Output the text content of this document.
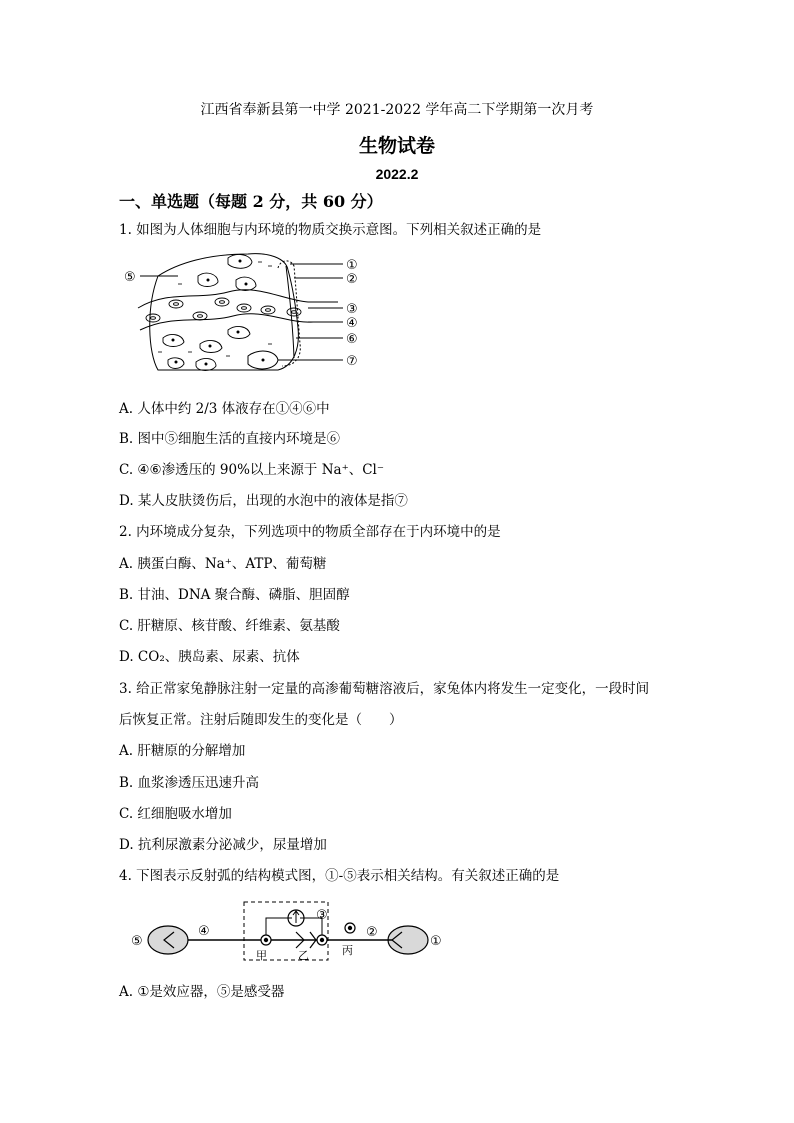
江西省奉新县第一中学 2021-2022 学年高二下学期第一次月考
生物试卷
2022.2
一、单选题（每题 2 分，共 60 分）
1. 如图为人体细胞与内环境的物质交换示意图。下列相关叙述正确的是
①
②
③
④
⑥
⑦
⑤
A. 人体中约 2/3 体液存在①④⑥中
B. 图中⑤细胞生活的直接内环境是⑥
C. ④⑥渗透压的 90%以上来源于 Na⁺、Cl⁻
D. 某人皮肤烫伤后，出现的水泡中的液体是指⑦
2. 内环境成分复杂，下列选项中的物质全部存在于内环境中的是
A. 胰蛋白酶、Na⁺、ATP、葡萄糖
B. 甘油、DNA 聚合酶、磷脂、胆固醇
C. 肝糖原、核苷酸、纤维素、氨基酸
D. CO₂、胰岛素、尿素、抗体
3. 给正常家兔静脉注射一定量的高渗葡萄糖溶液后，家兔体内将发生一定变化，一段时间
后恢复正常。注射后随即发生的变化是（　　）
A. 肝糖原的分解增加
B. 血浆渗透压迅速升高
C. 红细胞吸水增加
D. 抗利尿激素分泌减少，尿量增加
4. 下图表示反射弧的结构模式图，①-⑤表示相关结构。有关叙述正确的是
⑤
④
③
②
①
甲	乙	丙
A. ①是效应器，⑤是感受器
